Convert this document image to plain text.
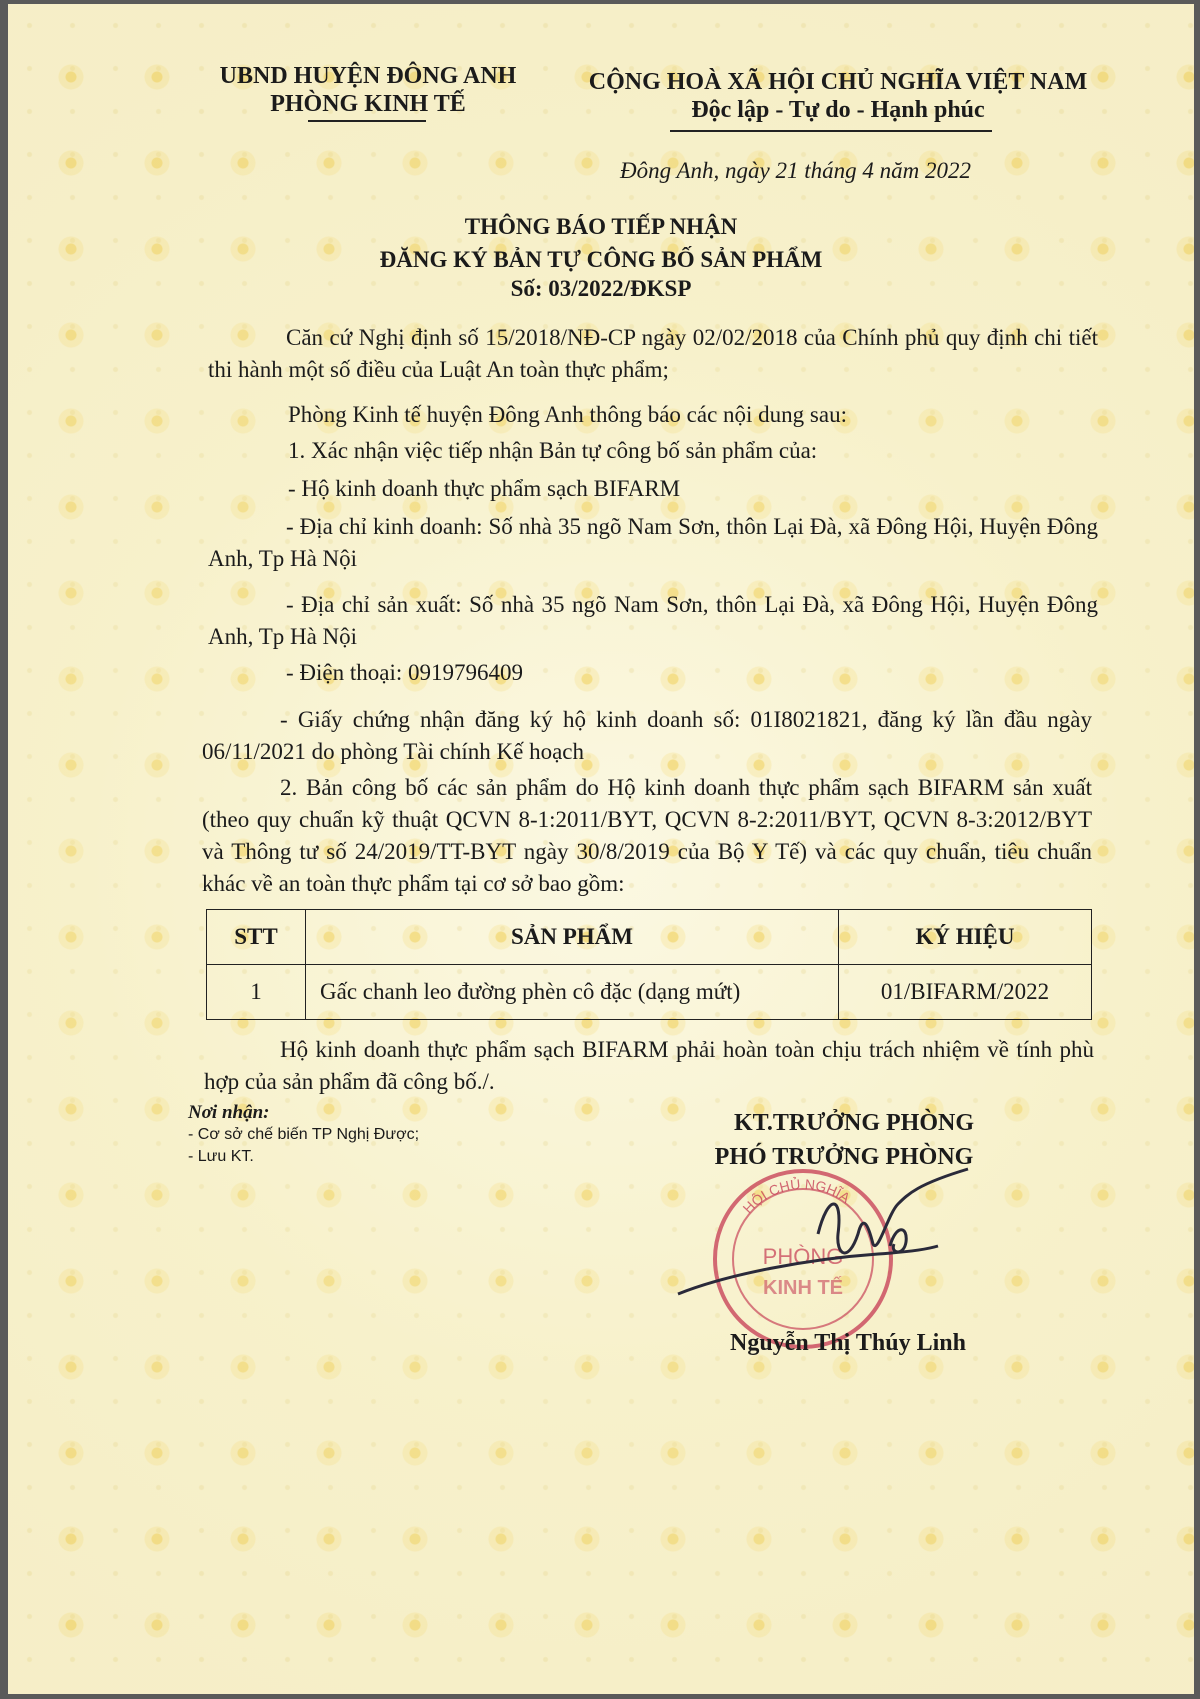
UBND HUYỆN ĐÔNG ANH
PHÒNG KINH TẾ
CỘNG HOÀ XÃ HỘI CHỦ NGHĨA VIỆT NAM
Độc lập - Tự do - Hạnh phúc
Đông Anh, ngày 21 tháng 4 năm 2022
THÔNG BÁO TIẾP NHẬN
ĐĂNG KÝ BẢN TỰ CÔNG BỐ SẢN PHẨM
Số: 03/2022/ĐKSP
Căn cứ Nghị định số 15/2018/NĐ-CP ngày 02/02/2018 của Chính phủ quy định chi tiết thi hành một số điều của Luật An toàn thực phẩm;
Phòng Kinh tế huyện Đông Anh thông báo các nội dung sau:
1. Xác nhận việc tiếp nhận Bản tự công bố sản phẩm của:
- Hộ kinh doanh thực phẩm sạch BIFARM
- Địa chỉ kinh doanh: Số nhà 35 ngõ Nam Sơn, thôn Lại Đà, xã Đông Hội, Huyện Đông Anh, Tp Hà Nội
- Địa chỉ sản xuất: Số nhà 35 ngõ Nam Sơn, thôn Lại Đà, xã Đông Hội, Huyện Đông Anh, Tp Hà Nội
- Điện thoại: 0919796409
- Giấy chứng nhận đăng ký hộ kinh doanh số: 01I8021821, đăng ký lần đầu ngày 06/11/2021 do phòng Tài chính Kế hoạch
2. Bản công bố các sản phẩm do Hộ kinh doanh thực phẩm sạch BIFARM sản xuất (theo quy chuẩn kỹ thuật QCVN 8-1:2011/BYT, QCVN 8-2:2011/BYT, QCVN 8-3:2012/BYT và Thông tư số 24/2019/TT-BYT ngày 30/8/2019 của Bộ Y Tế) và các quy chuẩn, tiêu chuẩn khác về an toàn thực phẩm tại cơ sở bao gồm:
STT	SẢN PHẨM	KÝ HIỆU
1	Gấc chanh leo đường phèn cô đặc (dạng mứt)	01/BIFARM/2022
Hộ kinh doanh thực phẩm sạch BIFARM phải hoàn toàn chịu trách nhiệm về tính phù hợp của sản phẩm đã công bố./.
Nơi nhận:
- Cơ sở chế biến TP Nghị Được;
- Lưu KT.
KT.TRƯỞNG PHÒNG
PHÓ TRƯỞNG PHÒNG
HỘI CHỦ NGHĨA
PHÒNG
KINH TẾ
Nguyễn Thị Thúy Linh
